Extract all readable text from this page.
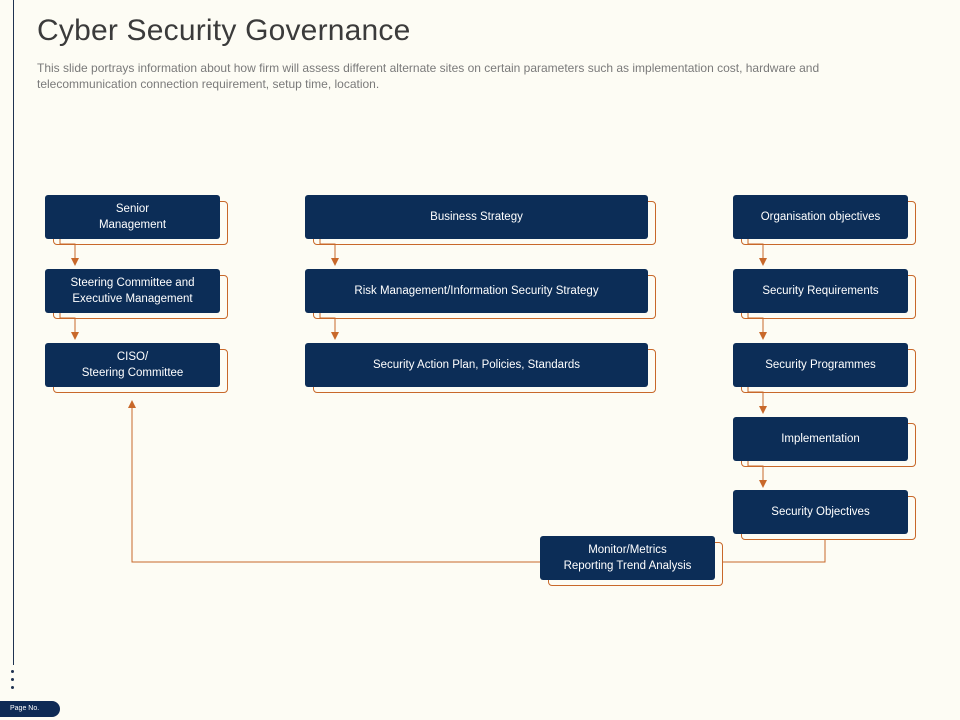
Page No.
Cyber Security Governance

This slide portrays information about how firm will assess different alternate sites on certain parameters such as implementation cost, hardware and telecommunication connection requirement, setup time, location.

Senior
Management
Steering Committee and
Executive Management
CISO/
Steering Committee
Business Strategy
Risk Management/Information Security Strategy
Security Action Plan, Policies, Standards
Organisation objectives
Security Requirements
Security Programmes
Implementation
Security Objectives
Monitor/Metrics
Reporting Trend Analysis
